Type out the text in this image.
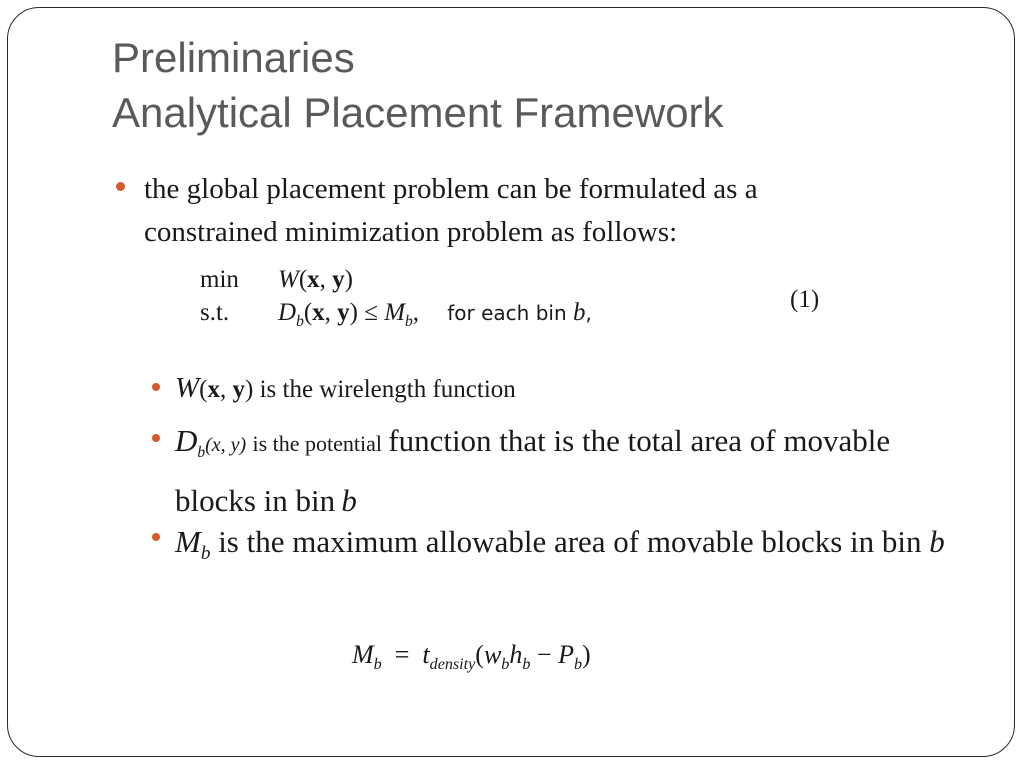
Preliminaries
Analytical Placement Framework
the global placement problem can be formulated as a constrained minimization problem as follows:
min W(x, y)
s.t. $D_b(x$, $y) \le M_b$, for each bin b,	(1)
W(x, y) is the wirelength function
$D_b(x$, y) is the potential function that is the total area of movable blocks in bin b
$M_b$ is the maximum allowable area of movable blocks in bin b
$M_b = t_{density}(w_bh_b - P_b)$
